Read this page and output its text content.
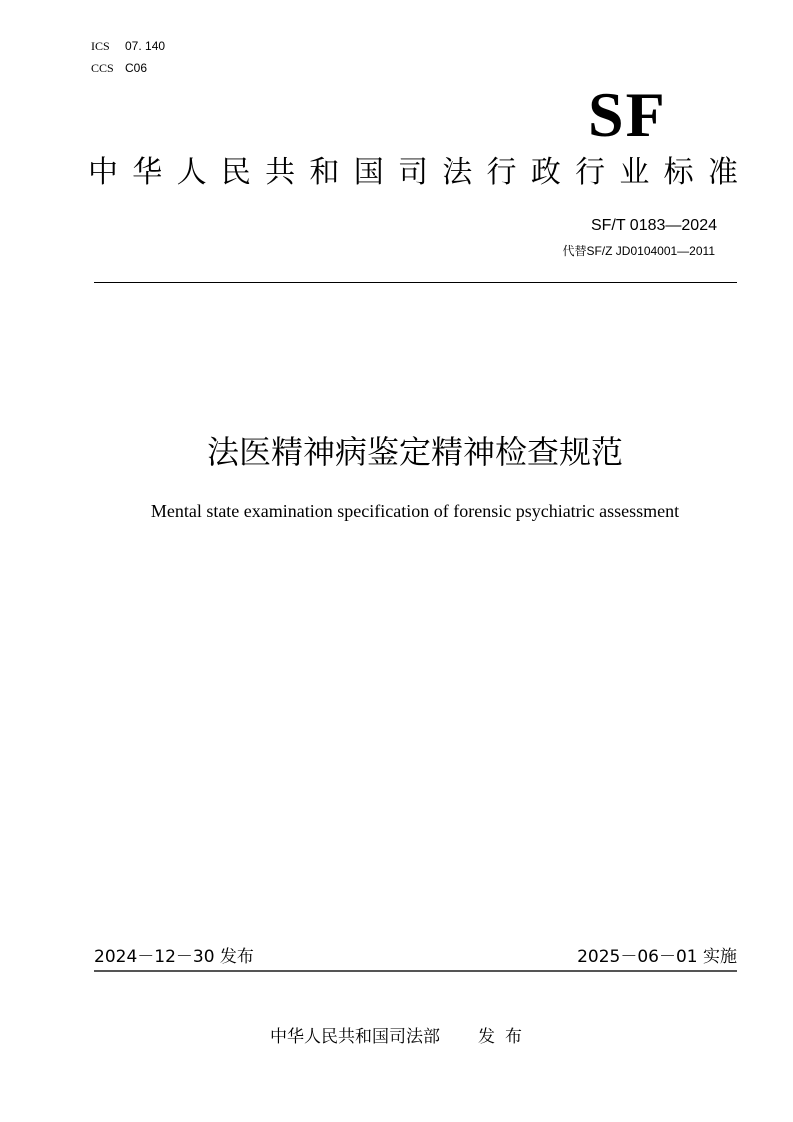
ICS 07. 140
CCS C06
SF
中 华 人 民 共 和 国 司 法 行 政 行 业 标 准
SF/T 0183—2024
代替SF/Z JD0104001—2011
法医精神病鉴定精神检查规范
Mental state examination specification of forensic psychiatric assessment
2024－12－30 发布	2025－06－01 实施
中华人民共和国司法部 发布
